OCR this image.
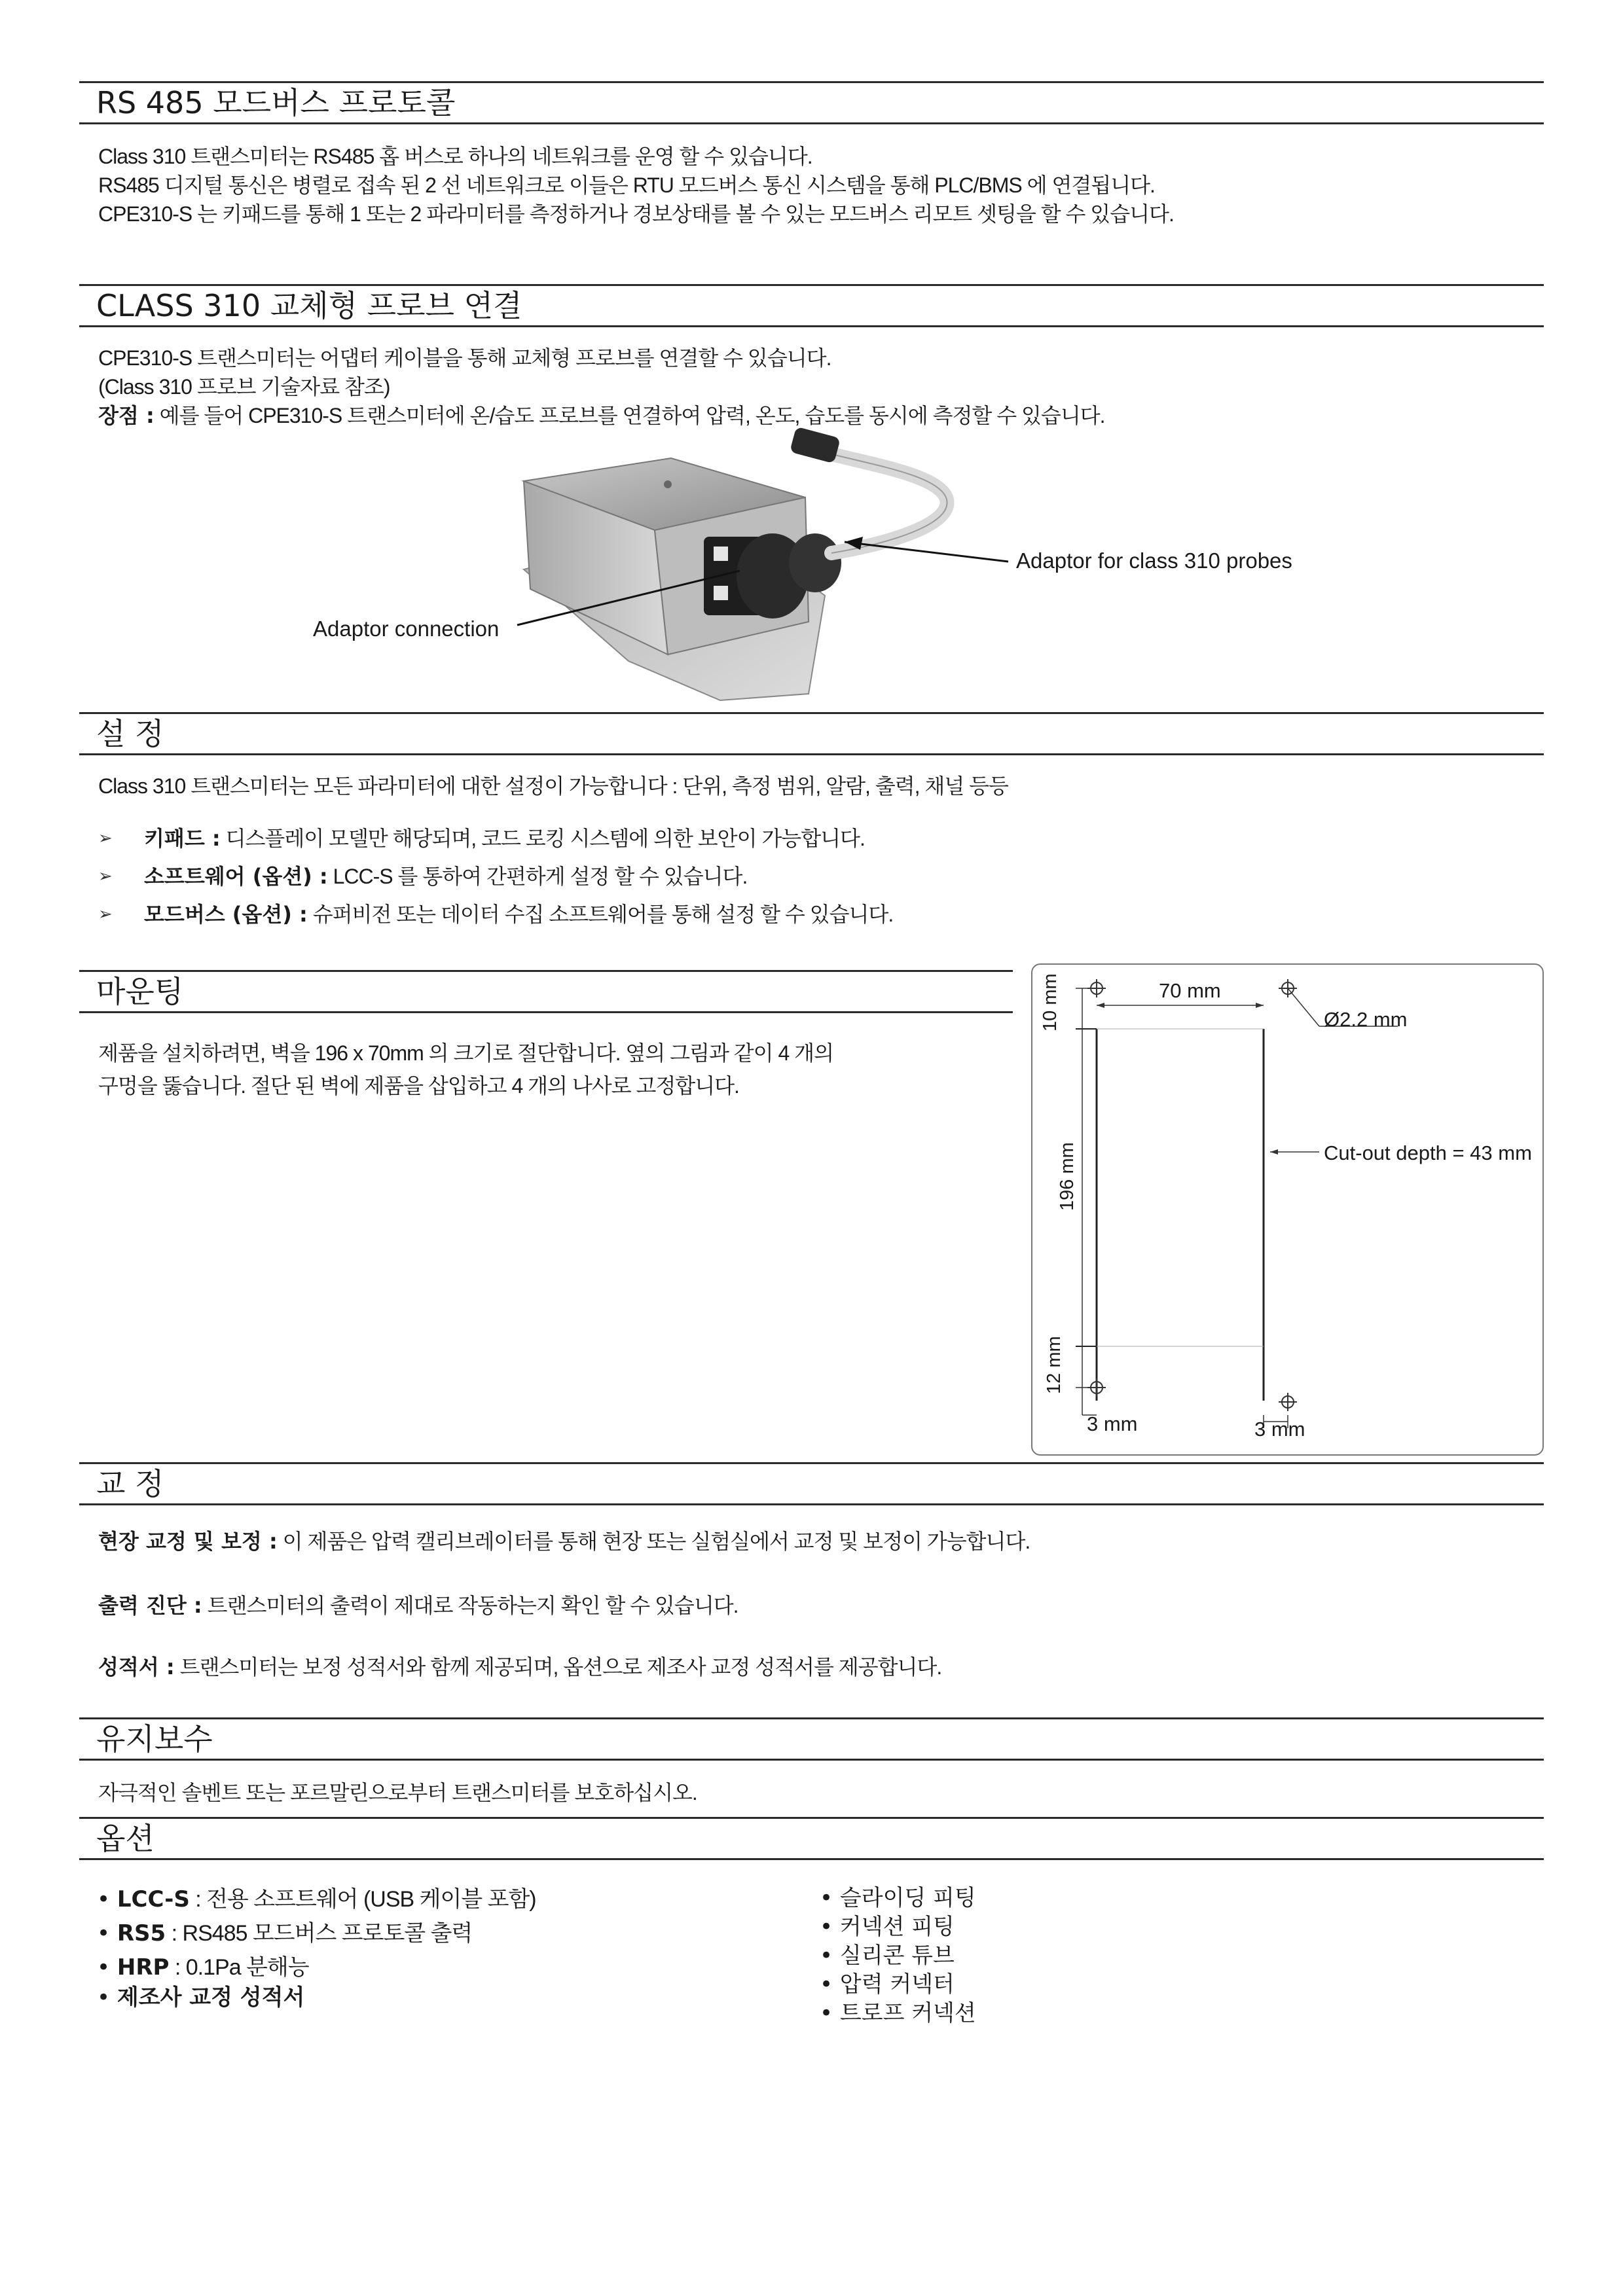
RS 485 모드버스 프로토콜
Class 310 트랜스미터는 RS485 홉 버스로 하나의 네트워크를 운영 할 수 있습니다.
RS485 디지털 통신은 병렬로 접속 된 2 선 네트워크로 이들은 RTU 모드버스 통신 시스템을 통해 PLC/BMS 에 연결됩니다.
CPE310-S 는 키패드를 통해 1 또는 2 파라미터를 측정하거나 경보상태를 볼 수 있는 모드버스 리모트 셋팅을 할 수 있습니다.
CLASS 310 교체형 프로브 연결
CPE310-S 트랜스미터는 어댑터 케이블을 통해 교체형 프로브를 연결할 수 있습니다.
(Class 310 프로브 기술자료 참조)
장점 : 예를 들어 CPE310-S 트랜스미터에 온/습도 프로브를 연결하여 압력, 온도, 습도를 동시에 측정할 수 있습니다.
Adaptor for class 310 probes
Adaptor connection
설 정
Class 310 트랜스미터는 모든 파라미터에 대한 설정이 가능합니다 : 단위, 측정 범위, 알람, 출력, 채널 등등
➢ 키패드 : 디스플레이 모델만 해당되며, 코드 로킹 시스템에 의한 보안이 가능합니다.
➢ 소프트웨어 (옵션) : LCC-S 를 통하여 간편하게 설정 할 수 있습니다.
➢ 모드버스 (옵션) : 슈퍼비전 또는 데이터 수집 소프트웨어를 통해 설정 할 수 있습니다.
마운팅
제품을 설치하려면, 벽을 196 x 70mm 의 크기로 절단합니다. 옆의 그림과 같이 4 개의
구멍을 뚫습니다. 절단 된 벽에 제품을 삽입하고 4 개의 나사로 고정합니다.
70 mm
Ø2.2 mm
Cut-out depth = 43 mm
10 mm
196 mm
12 mm
3 mm	3 mm
교 정
현장 교정 및 보정 : 이 제품은 압력 캘리브레이터를 통해 현장 또는 실험실에서 교정 및 보정이 가능합니다.
출력 진단 : 트랜스미터의 출력이 제대로 작동하는지 확인 할 수 있습니다.
성적서 : 트랜스미터는 보정 성적서와 함께 제공되며, 옵션으로 제조사 교정 성적서를 제공합니다.
유지보수
자극적인 솔벤트 또는 포르말린으로부터 트랜스미터를 보호하십시오.
옵션
• LCC-S : 전용 소프트웨어 (USB 케이블 포함)
• RS5 : RS485 모드버스 프로토콜 출력
• HRP : 0.1Pa 분해능
• 제조사 교정 성적서
• 슬라이딩 피팅
• 커넥션 피팅
• 실리콘 튜브
• 압력 커넥터
• 트로프 커넥션
